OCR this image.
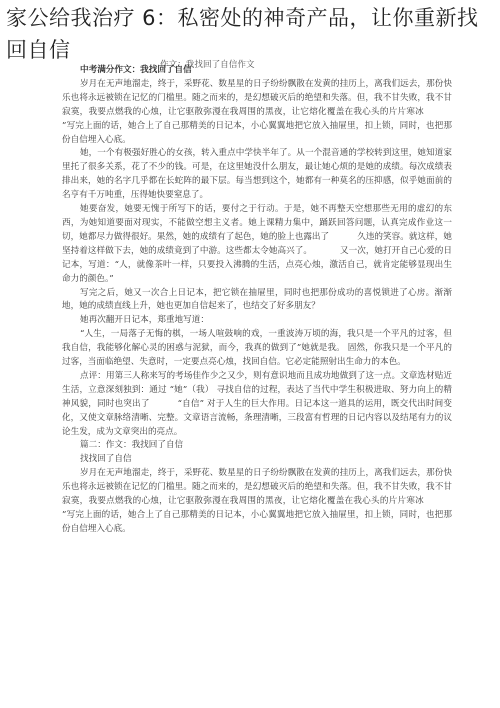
家公给我治疗 6：私密处的神奇产品，让你重新找回自信
作文：我找回了自信作文

中考满分作文：我找回了自信

岁月在无声地溜走，终于，采野花、数星星的日子纷纷飘散在发黄的挂历上，离我们远去，那份快乐也将永远被锁在记忆的门槛里。随之而来的，是幻想破灭后的绝望和失落。但，我不甘失败，我不甘寂寞，我要点燃我的心烛，让它驱散弥漫在我周围的黑夜，让它熔化覆盖在我心头的片片寒冰”写完上面的话，她合上了自己那精美的日记本，小心翼翼地把它放入抽屉里，扣上锁，同时，也把那份自信埋入心底。

她，一个有极强好胜心的女孩，转入重点中学快半年了。从一个混音通的学校转到这里，她知道家里托了很多关系，花了不少的钱。可是，在这里她没什么朋友，最让她心烦的是她的成绩。每次成绩表排出来，她的名字几乎都在长蛇阵的最下层。每当想到这个，她都有一种莫名的压抑感，似乎她面前的名亨有千万吨重，压得她快要窒息了。

她要奋发，她要无愧于所写下的话，要付之于行动。于是，她不再整天空想那些无用的虚幻的东西，为她知道要面对现实，不能做空想主义者。她上课精力集中，踊跃回答问题，认真完成作业这一切，她都尽力做得很好。果然，她的成绩有了起色，她的脸上也露出了	久违的笑容。就这样，她坚持着这样做下去，她的成绩竟到了中游。这些都太令她高兴了。	又一次，她打开自己心爱的日记本，写道：“人，就像茶叶一样，只要投入沸腾的生活，点亮心烛，激活自己，就肯定能够显现出生命力的颜色。”

写完之后，她又一次合上日记本，把它锁在抽屉里，同时也把那份成功的喜悦锁进了心房。渐渐地，她的成绩直线上升，她也更加自信起来了，也结交了好多朋友？

她再次翻开日记本，郑重地写道：

“人生，一局落子无悔的棋，一场人喧鼓响的戏，一重波涛万顷的海，我只是一个平凡的过客，但我自信，我能够化解心灵的困惑与泥狱，而今，我真的做到了”她就是我。 固然，你我只是一个平凡的过客，当面临绝望、失意时，一定要点亮心烛，找回自信。它必定能照射出生命力的本色。

点评：用第三人称来写的考场佳作少之又少，则有意识地而且成功地做到了这一点。文章选材贴近生活，立意深刻独到：通过 “她”（我） 寻找自信的过程，表达了当代中学生积极进取、努力向上的精神风貌，同时也突出了	“自信” 对于人生的巨大作用。日记本这一道具的运用，既交代出时间变化，又使文章脉络清晰、完整。文章语言流畅，条理清晰，三段富有哲理的日记内容以及结尾有力的议论生发，成为文章突出的亮点。

篇二：作文：我找回了自信

找找回了自信

岁月在无声地溜走，终于，采野花、数星星的日子纷纷飘散在发黄的挂历上，离我们远去，那份快乐也将永远被锁在记忆的门槛里。随之而来的，是幻想破灭后的绝望和失落。但，我不甘失败，我不甘寂寞，我要点燃我的心烛，让它驱散弥漫在我周围的黑夜，让它熔化覆盖在我心头的片片寒冰”写完上面的话，她合上了自己那精美的日记本，小心翼翼地把它放入抽屉里，扣上锁，同时，也把那份自信埋入心底。
